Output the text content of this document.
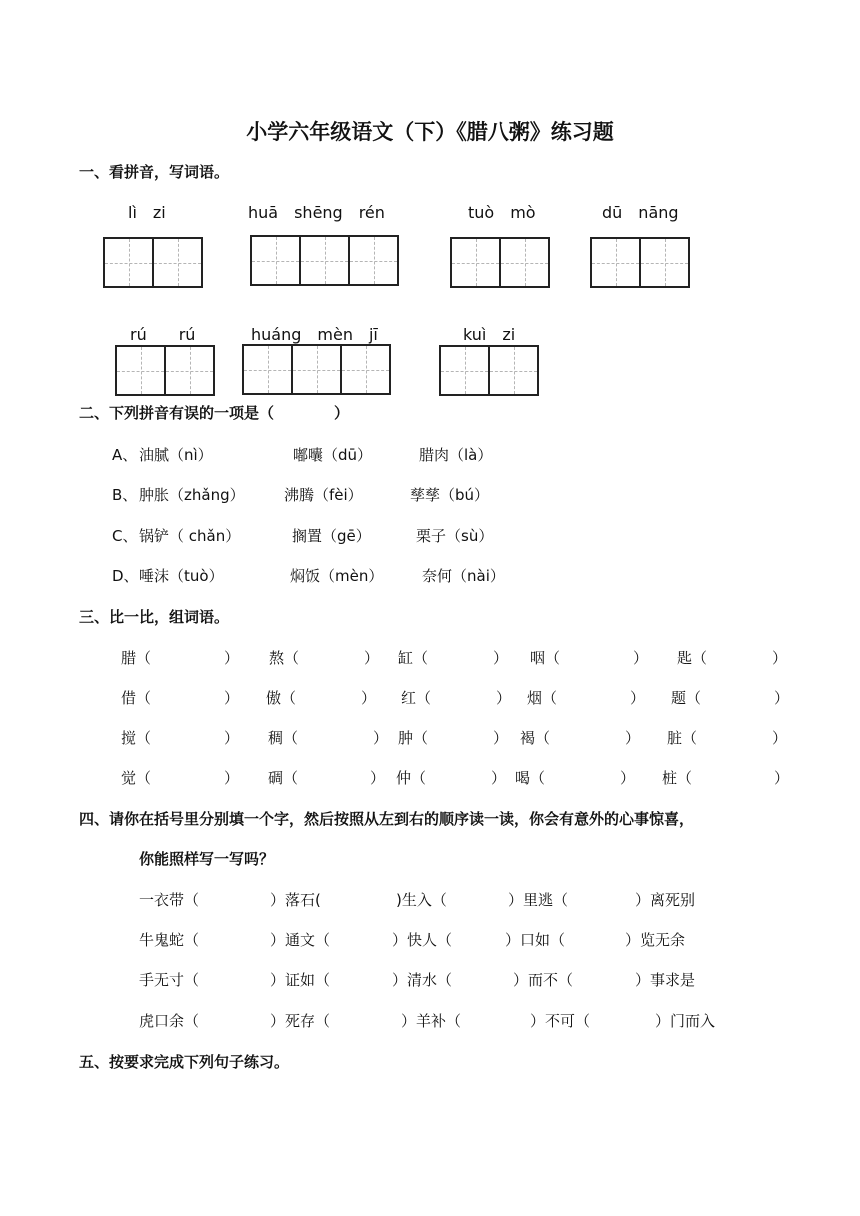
小学六年级语文（下）《腊八粥》练习题
一、看拼音，写词语。
lì　zi	huā　shēng　rén	tuò　mò	dū　nāng
rú　　rú	huáng　mèn　jī	kuì　zi
二、下列拼音有误的一项是（　　　　）
A、 油腻（nì）	嘟囔（dū）	腊肉（là）
B、 肿胀（zhǎng）	沸腾（fèi）	孳孳（bú）
C、 锅铲（ chǎn）	搁置（gē）	栗子（sù）
D、 唾沫（tuò）	焖饭（mèn）	奈何（nài）
三、比一比，组词语。
腊（	） 熬（	） 缸（	） 咽（	） 匙（	）
借（	） 傲（	） 红（	） 烟（	） 题（	）
搅（	） 稠（	） 肿（	） 褐（	） 脏（	）
觉（	） 碉（	） 仲（	） 喝（	） 桩（	）
四、请你在括号里分别填一个字，然后按照从左到右的顺序读一读，你会有意外的心事惊喜，
你能照样写一写吗？
一衣带（	）落石(	)生入（	）里逃（	）离死别
牛鬼蛇（	）通文（	）快人（	）口如（	）览无余
手无寸（	）证如（	）清水（	）而不（	）事求是
虎口余（	）死存（	）羊补（	）不可（	）门而入
五、按要求完成下列句子练习。
